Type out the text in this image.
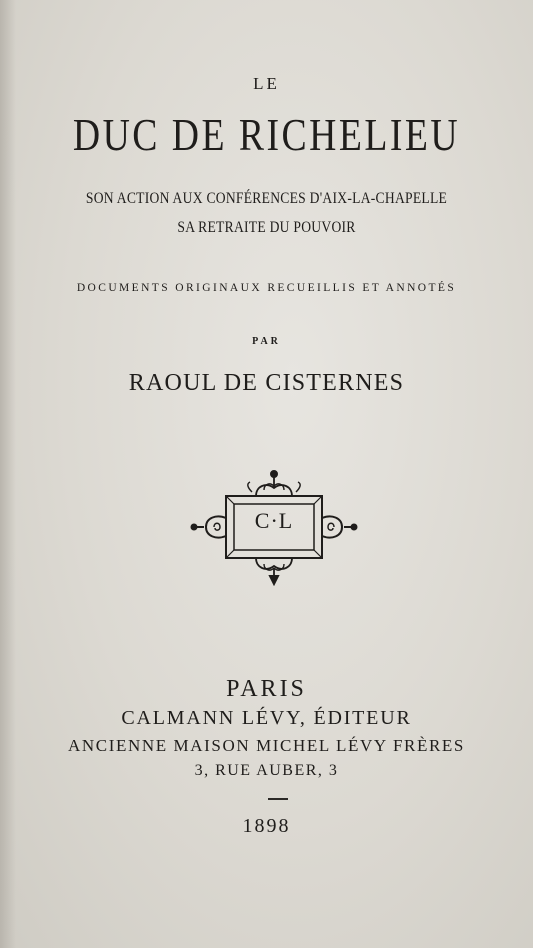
LE
DUC DE RICHELIEU
SON ACTION AUX CONFÉRENCES D'AIX-LA-CHAPELLE
SA RETRAITE DU POUVOIR
DOCUMENTS ORIGINAUX RECUEILLIS ET ANNOTÉS
PAR
RAOUL DE CISTERNES
C·L
PARIS
CALMANN LÉVY, ÉDITEUR
ANCIENNE MAISON MICHEL LÉVY FRÈRES
3, RUE AUBER, 3
1898
